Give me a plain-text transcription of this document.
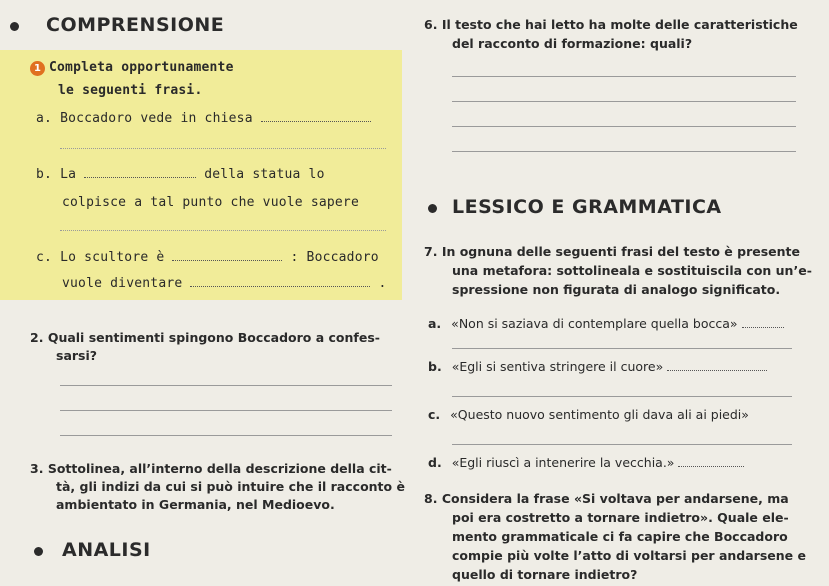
COMPRENSIONE
1 Completa opportunamente
le seguenti frasi.
a. Boccadoro vede in chiesa
b. La	della statua lo
colpisce a tal punto che vuole sapere
c. Lo scultore è	: Boccadoro
vuole diventare	.
2. Quali sentimenti spingono Boccadoro a confes-
sarsi?
3. Sottolinea, all’interno della descrizione della cit-
tà, gli indizi da cui si può intuire che il racconto è
ambientato in Germania, nel Medioevo.
ANALISI
6. Il testo che hai letto ha molte delle caratteristiche
del racconto di formazione: quali?
LESSICO E GRAMMATICA
7. In ognuna delle seguenti frasi del testo è presente
una metafora: sottolineala e sostituiscila con un’e-
spressione non figurata di analogo significato.
a. «Non si saziava di contemplare quella bocca»
b. «Egli si sentiva stringere il cuore»
c. «Questo nuovo sentimento gli dava ali ai piedi»
d. «Egli riuscì a intenerire la vecchia.»
8. Considera la frase «Si voltava per andarsene, ma
poi era costretto a tornare indietro». Quale ele-
mento grammaticale ci fa capire che Boccadoro
compie più volte l’atto di voltarsi per andarsene e
quello di tornare indietro?
